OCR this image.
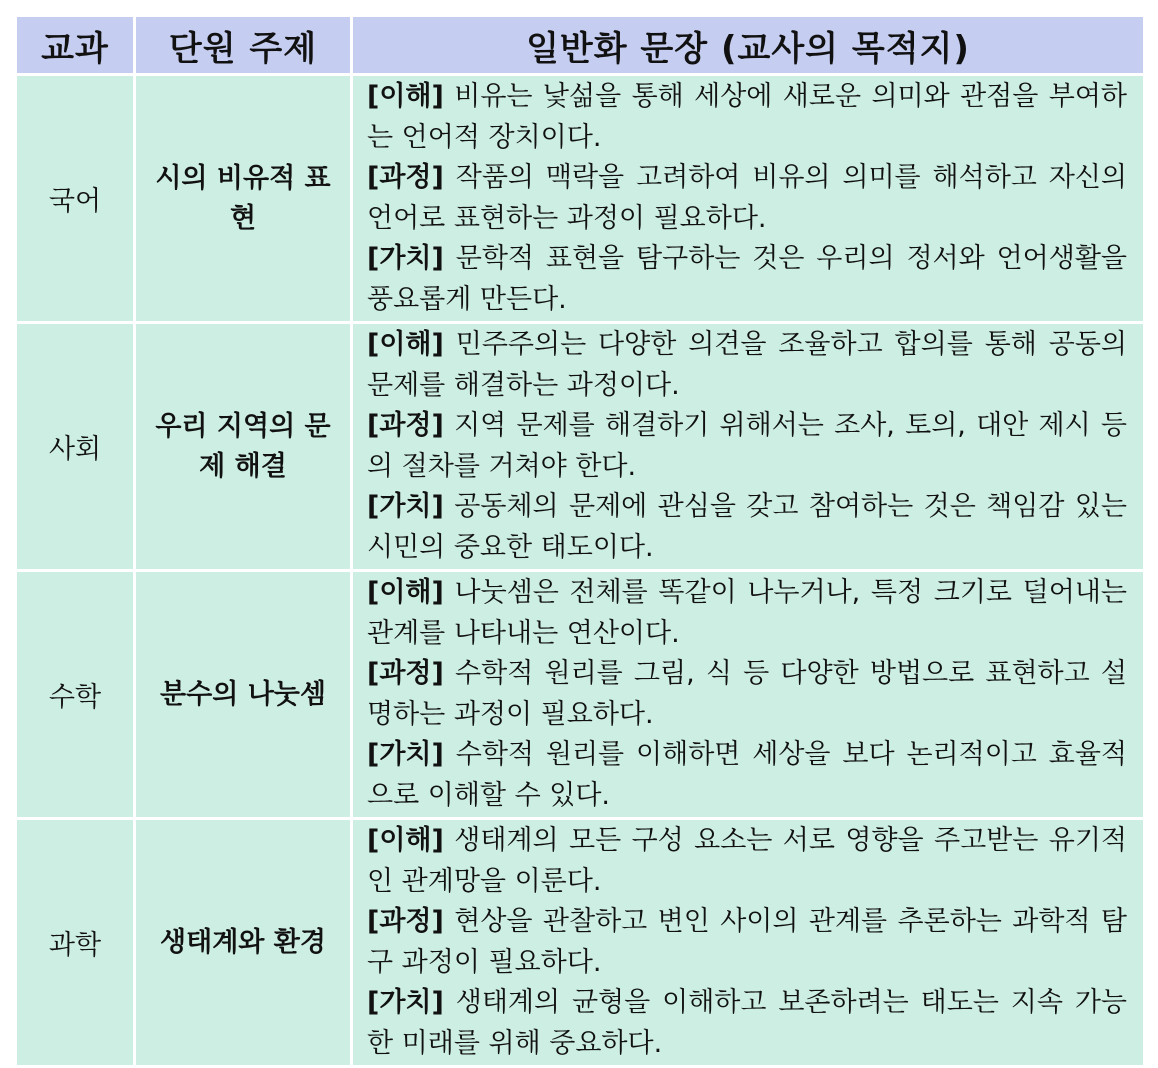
교과	단원 주제	일반화 문장 (교사의 목적지)
국어	시의 비유적 표현	[이해] 비유는 낯섦을 통해 세상에 새로운 의미와 관점을 부여하는 언어적 장치이다.

[과정] 작품의 맥락을 고려하여 비유의 의미를 해석하고 자신의 언어로 표현하는 과정이 필요하다.

[가치] 문학적 표현을 탐구하는 것은 우리의 정서와 언어생활을 풍요롭게 만든다.

사회	우리 지역의 문제 해결	[이해] 민주주의는 다양한 의견을 조율하고 합의를 통해 공동의 문제를 해결하는 과정이다.

[과정] 지역 문제를 해결하기 위해서는 조사, 토의, 대안 제시 등의 절차를 거쳐야 한다.

[가치] 공동체의 문제에 관심을 갖고 참여하는 것은 책임감 있는 시민의 중요한 태도이다.

수학	분수의 나눗셈	[이해] 나눗셈은 전체를 똑같이 나누거나, 특정 크기로 덜어내는 관계를 나타내는 연산이다.

[과정] 수학적 원리를 그림, 식 등 다양한 방법으로 표현하고 설명하는 과정이 필요하다.

[가치] 수학적 원리를 이해하면 세상을 보다 논리적이고 효율적으로 이해할 수 있다.

과학	생태계와 환경	[이해] 생태계의 모든 구성 요소는 서로 영향을 주고받는 유기적인 관계망을 이룬다.

[과정] 현상을 관찰하고 변인 사이의 관계를 추론하는 과학적 탐구 과정이 필요하다.

[가치] 생태계의 균형을 이해하고 보존하려는 태도는 지속 가능한 미래를 위해 중요하다.
